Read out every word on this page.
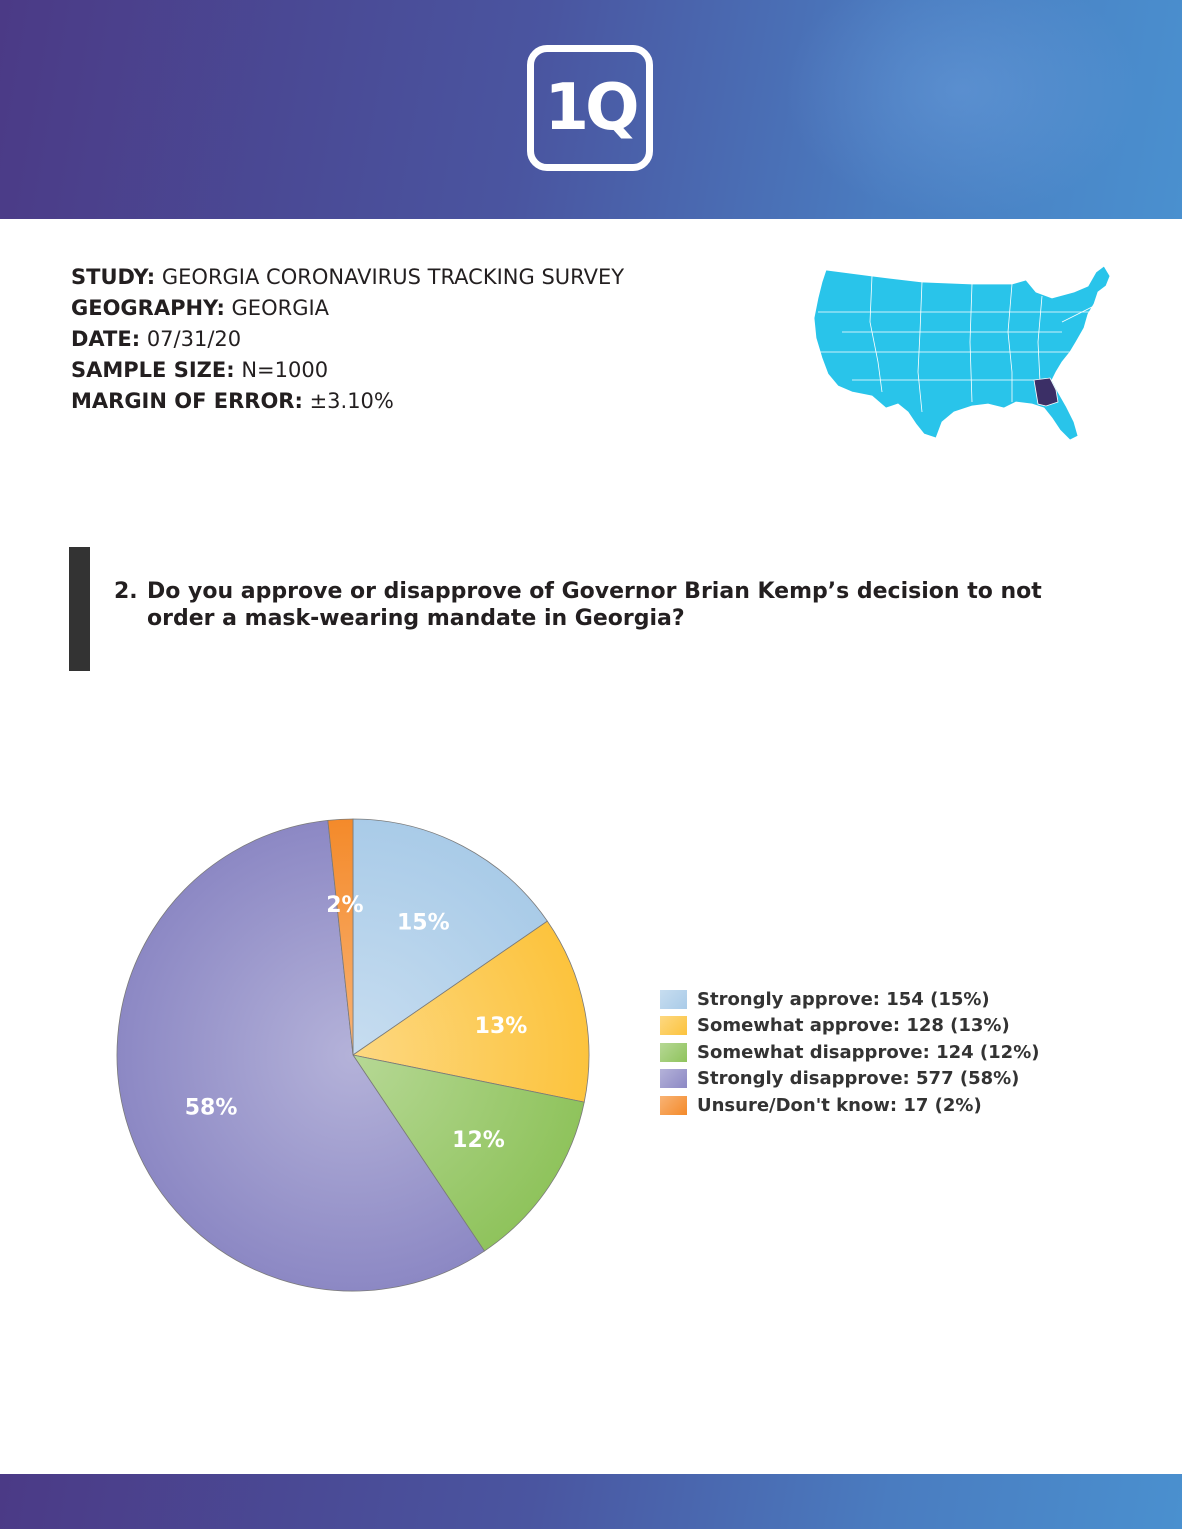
1Q
STUDY: GEORGIA CORONAVIRUS TRACKING SURVEY
GEOGRAPHY: GEORGIA
DATE: 07/31/20
SAMPLE SIZE: N=1000
MARGIN OF ERROR: ±3.10%
2. Do you approve or disapprove of Governor Brian Kemp’s decision to not order a mask-wearing mandate in Georgia?
15%
13%
12%
58%
2%
Strongly approve: 154 (15%)
Somewhat approve: 128 (13%)
Somewhat disapprove: 124 (12%)
Strongly disapprove: 577 (58%)
Unsure/Don't know: 17 (2%)
